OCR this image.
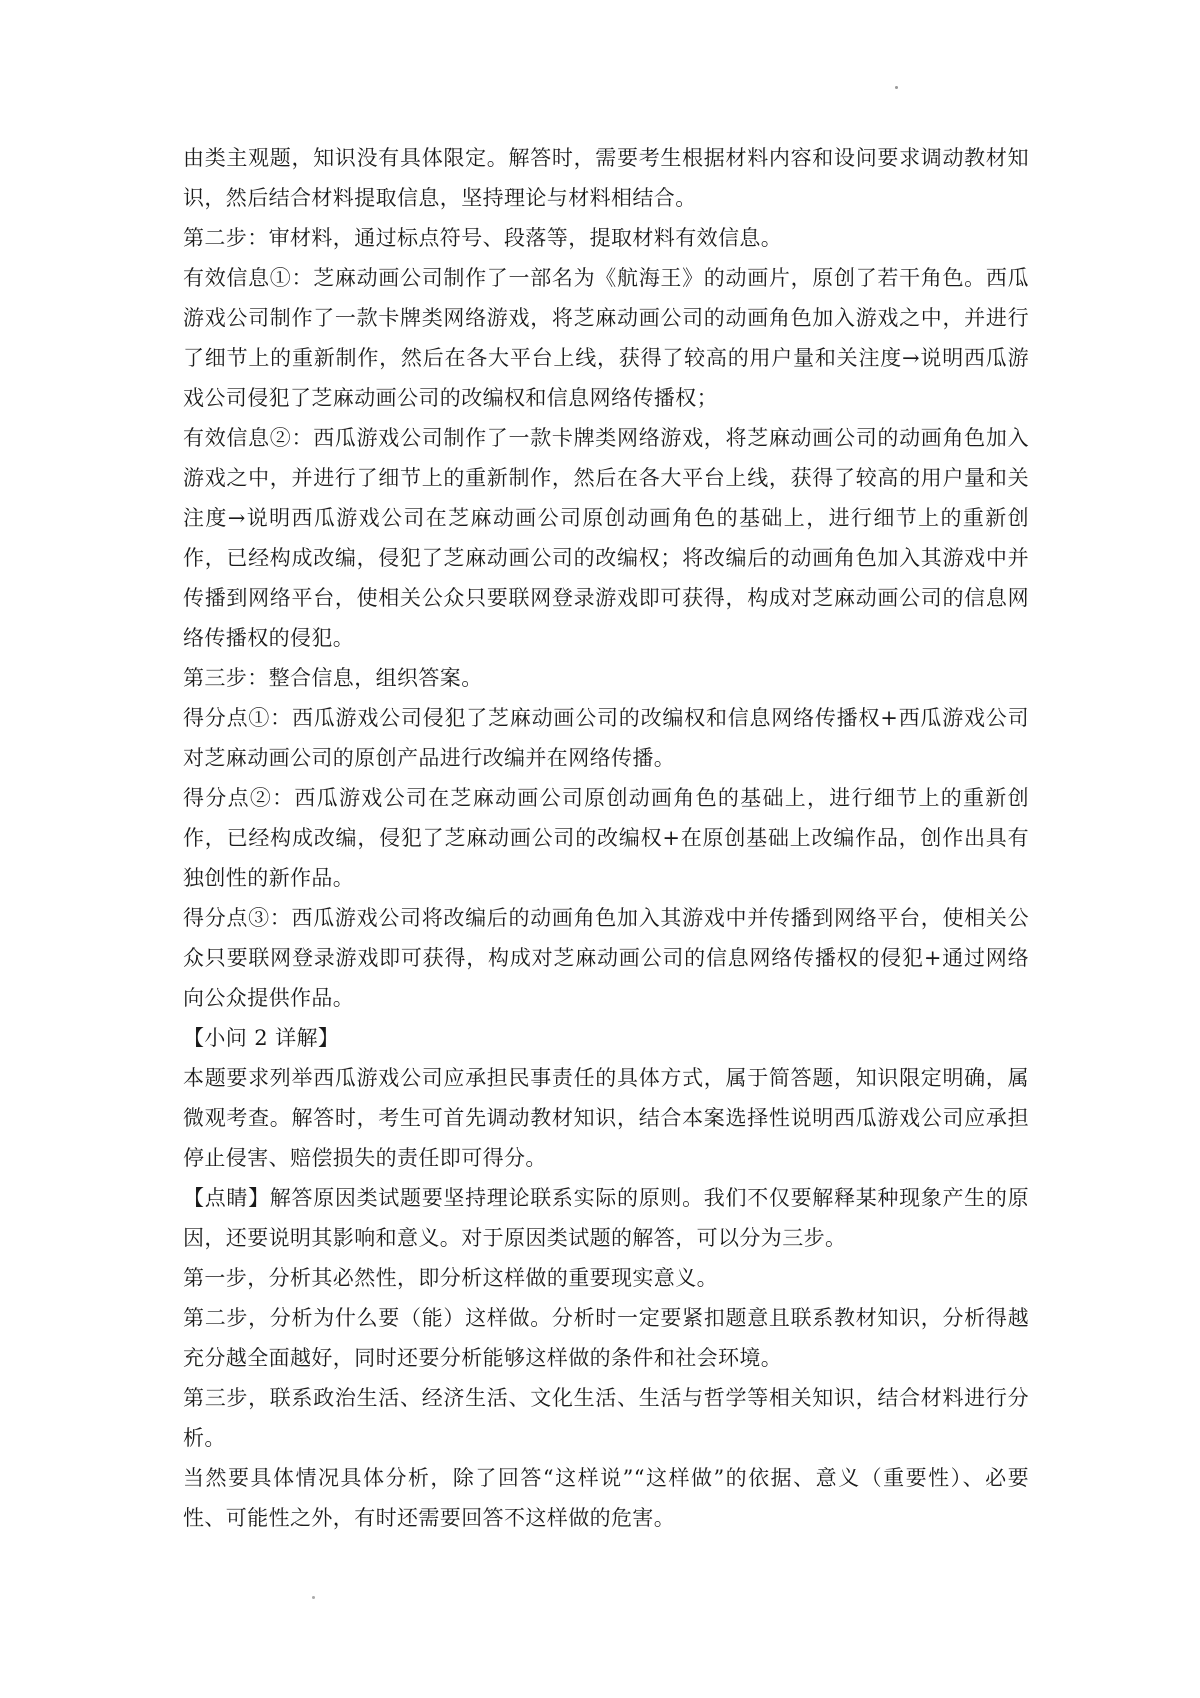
由类主观题，知识没有具体限定。解答时，需要考生根据材料内容和设问要求调动教材知识，然后结合材料提取信息，坚持理论与材料相结合。

第二步：审材料，通过标点符号、段落等，提取材料有效信息。

有效信息①：芝麻动画公司制作了一部名为《航海王》的动画片，原创了若干角色。西瓜游戏公司制作了一款卡牌类网络游戏，将芝麻动画公司的动画角色加入游戏之中，并进行了细节上的重新制作，然后在各大平台上线，获得了较高的用户量和关注度→说明西瓜游戏公司侵犯了芝麻动画公司的改编权和信息网络传播权；

有效信息②：西瓜游戏公司制作了一款卡牌类网络游戏，将芝麻动画公司的动画角色加入游戏之中，并进行了细节上的重新制作，然后在各大平台上线，获得了较高的用户量和关注度→说明西瓜游戏公司在芝麻动画公司原创动画角色的基础上，进行细节上的重新创作，已经构成改编，侵犯了芝麻动画公司的改编权；将改编后的动画角色加入其游戏中并传播到网络平台，使相关公众只要联网登录游戏即可获得，构成对芝麻动画公司的信息网络传播权的侵犯。

第三步：整合信息，组织答案。

得分点①：西瓜游戏公司侵犯了芝麻动画公司的改编权和信息网络传播权+西瓜游戏公司对芝麻动画公司的原创产品进行改编并在网络传播。

得分点②：西瓜游戏公司在芝麻动画公司原创动画角色的基础上，进行细节上的重新创作，已经构成改编，侵犯了芝麻动画公司的改编权+在原创基础上改编作品，创作出具有独创性的新作品。

得分点③：西瓜游戏公司将改编后的动画角色加入其游戏中并传播到网络平台，使相关公众只要联网登录游戏即可获得，构成对芝麻动画公司的信息网络传播权的侵犯+通过网络向公众提供作品。

【小问 2 详解】

本题要求列举西瓜游戏公司应承担民事责任的具体方式，属于简答题，知识限定明确，属微观考查。解答时，考生可首先调动教材知识，结合本案选择性说明西瓜游戏公司应承担停止侵害、赔偿损失的责任即可得分。

【点睛】解答原因类试题要坚持理论联系实际的原则。我们不仅要解释某种现象产生的原因，还要说明其影响和意义。对于原因类试题的解答，可以分为三步。

第一步，分析其必然性，即分析这样做的重要现实意义。

第二步，分析为什么要（能）这样做。分析时一定要紧扣题意且联系教材知识，分析得越充分越全面越好，同时还要分析能够这样做的条件和社会环境。

第三步，联系政治生活、经济生活、文化生活、生活与哲学等相关知识，结合材料进行分析。

当然要具体情况具体分析，除了回答“这样说”“这样做”的依据、意义（重要性）、必要性、可能性之外，有时还需要回答不这样做的危害。
